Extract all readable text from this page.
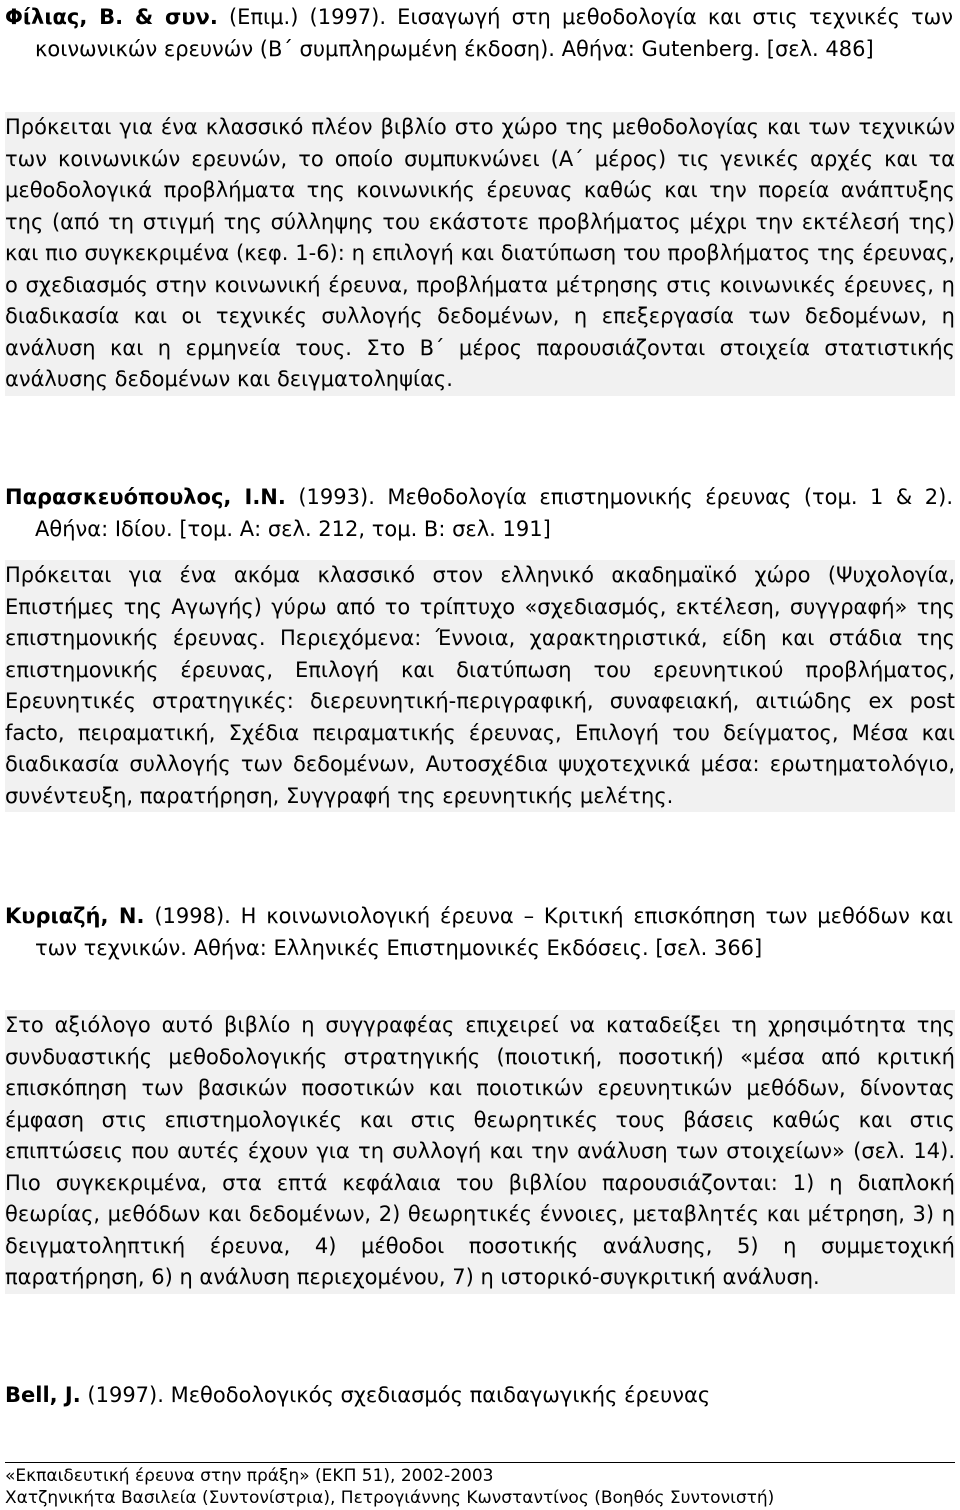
Φίλιας, Β. & συν. (Επιμ.) (1997). Εισαγωγή στη μεθοδολογία και στις τεχνικές των κοινωνικών ερευνών (Β΄ συμπληρωμένη έκδοση). Αθήνα: Gutenberg. [σελ. 486]
Πρόκειται για ένα κλασσικό πλέον βιβλίο στο χώρο της μεθοδολογίας και των τεχνικών των κοινωνικών ερευνών, το οποίο συμπυκνώνει (Α΄ μέρος) τις γενικές αρχές και τα μεθοδολογικά προβλήματα της κοινωνικής έρευνας καθώς και την πορεία ανάπτυξης της (από τη στιγμή της σύλληψης του εκάστοτε προβλήματος μέχρι την εκτέλεσή της) και πιο συγκεκριμένα (κεφ. 1-6): η επιλογή και διατύπωση του προβλήματος της έρευνας, ο σχεδιασμός στην κοινωνική έρευνα, προβλήματα μέτρησης στις κοινωνικές έρευνες, η διαδικασία και οι τεχνικές συλλογής δεδομένων, η επεξεργασία των δεδομένων, η ανάλυση και η ερμηνεία τους. Στο Β΄ μέρος παρουσιάζονται στοιχεία στατιστικής ανάλυσης δεδομένων και δειγματοληψίας.
Παρασκευόπουλος, Ι.Ν. (1993). Μεθοδολογία επιστημονικής έρευνας (τομ. 1 & 2). Αθήνα: Ιδίου. [τομ. Α: σελ. 212, τομ. Β: σελ. 191]
Πρόκειται για ένα ακόμα κλασσικό στον ελληνικό ακαδημαϊκό χώρο (Ψυχολογία, Επιστήμες της Αγωγής) γύρω από το τρίπτυχο «σχεδιασμός, εκτέλεση, συγγραφή» της επιστημονικής έρευνας. Περιεχόμενα: Έννοια, χαρακτηριστικά, είδη και στάδια της επιστημονικής έρευνας, Επιλογή και διατύπωση του ερευνητικού προβλήματος, Ερευνητικές στρατηγικές: διερευνητική-περιγραφική, συναφειακή, αιτιώδης ex post facto, πειραματική, Σχέδια πειραματικής έρευνας, Επιλογή του δείγματος, Μέσα και διαδικασία συλλογής των δεδομένων, Αυτοσχέδια ψυχοτεχνικά μέσα: ερωτηματολόγιο, συνέντευξη, παρατήρηση, Συγγραφή της ερευνητικής μελέτης.
Κυριαζή, Ν. (1998). Η κοινωνιολογική έρευνα – Κριτική επισκόπηση των μεθόδων και των τεχνικών. Αθήνα: Ελληνικές Επιστημονικές Εκδόσεις. [σελ. 366]
Στο αξιόλογο αυτό βιβλίο η συγγραφέας επιχειρεί να καταδείξει τη χρησιμότητα της συνδυαστικής μεθοδολογικής στρατηγικής (ποιοτική, ποσοτική) «μέσα από κριτική επισκόπηση των βασικών ποσοτικών και ποιοτικών ερευνητικών μεθόδων, δίνοντας έμφαση στις επιστημολογικές και στις θεωρητικές τους βάσεις καθώς και στις επιπτώσεις που αυτές έχουν για τη συλλογή και την ανάλυση των στοιχείων» (σελ. 14). Πιο συγκεκριμένα, στα επτά κεφάλαια του βιβλίου παρουσιάζονται: 1) η διαπλοκή θεωρίας, μεθόδων και δεδομένων, 2) θεωρητικές έννοιες, μεταβλητές και μέτρηση, 3) η δειγματοληπτική έρευνα, 4) μέθοδοι ποσοτικής ανάλυσης, 5) η συμμετοχική παρατήρηση, 6) η ανάλυση περιεχομένου, 7) η ιστορικό-συγκριτική ανάλυση.
Bell, J. (1997). Μεθοδολογικός σχεδιασμός παιδαγωγικής έρευνας
«Εκπαιδευτική έρευνα στην πράξη» (ΕΚΠ 51), 2002-2003
Χατζηνικήτα Βασιλεία (Συντονίστρια), Πετρογιάννης Κωνσταντίνος (Βοηθός Συντονιστή)
